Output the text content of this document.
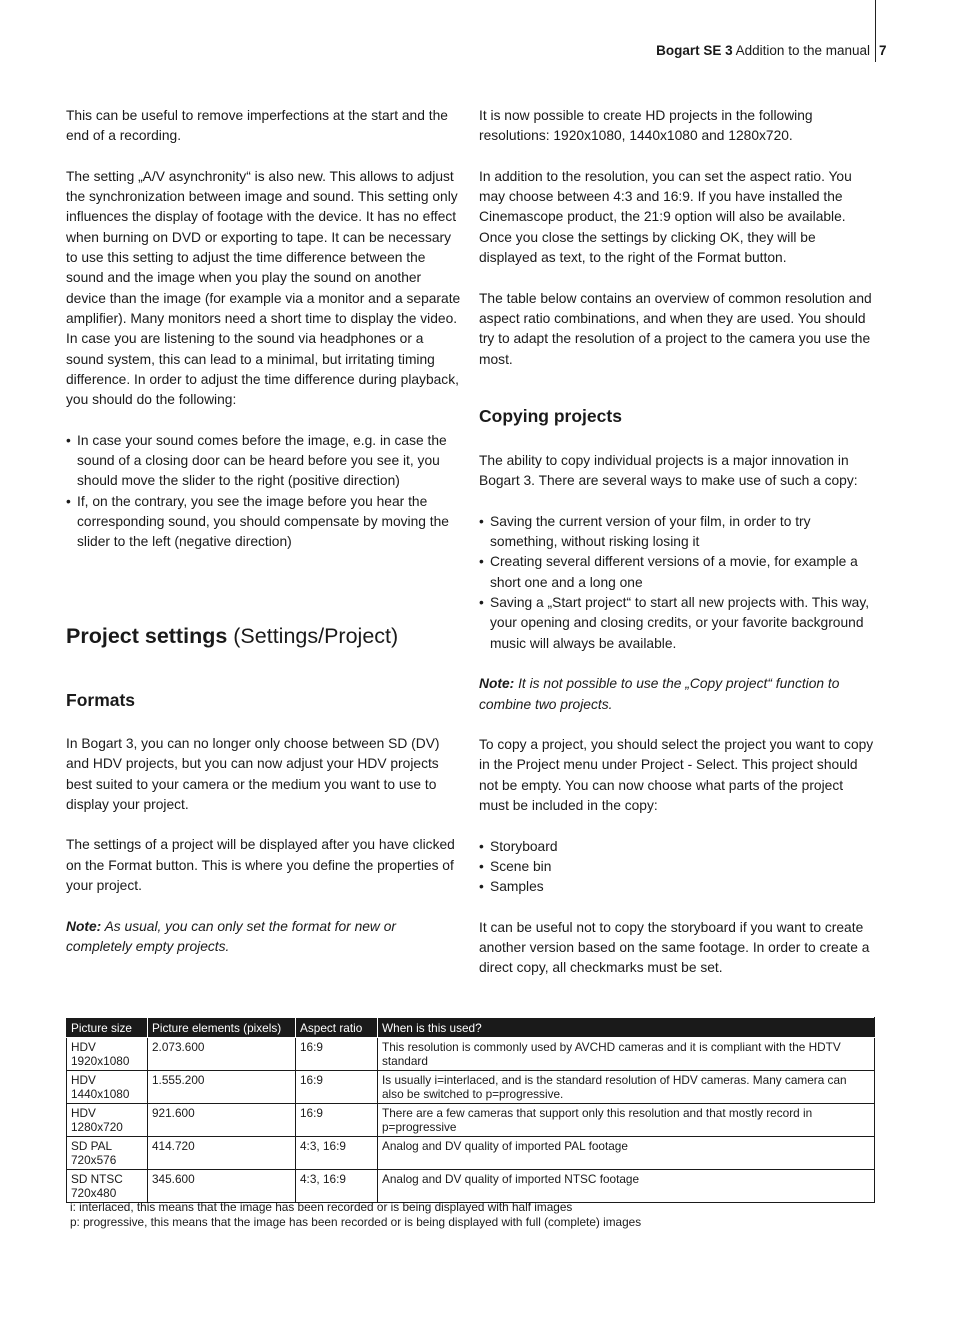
Bogart SE 3 Addition to the manual 7

This can be useful to remove imperfections at the start and the end of a recording.

The setting „A/V asynchronity“ is also new. This allows to adjust the synchronization between image and sound. This setting only influences the display of footage with the device. It has no effect when burning on DVD or exporting to tape. It can be necessary to use this setting to adjust the time difference between the sound and the image when you play the sound on another device than the image (for example via a monitor and a separate amplifier). Many monitors need a short time to display the video. In case you are listening to the sound via headphones or a sound system, this can lead to a minimal, but irritating timing difference. In order to adjust the time difference during playback, you should do the following:

• In case your sound comes before the image, e.g. in case the sound of a closing door can be heard before you see it, you should move the slider to the right (positive direction)
• If, on the contrary, you see the image before you hear the corresponding sound, you should compensate by moving the slider to the left (negative direction)
Project settings (Settings/Project)
Formats

In Bogart 3, you can no longer only choose between SD (DV) and HDV projects, but you can now adjust your HDV projects best suited to your camera or the medium you want to use to display your project.

The settings of a project will be displayed after you have clicked on the Format button. This is where you define the properties of your project.

Note: As usual, you can only set the format for new or completely empty projects.

It is now possible to create HD projects in the following resolutions: 1920x1080, 1440x1080 and 1280x720.

In addition to the resolution, you can set the aspect ratio. You may choose between 4:3 and 16:9. If you have installed the Cinemascope product, the 21:9 option will also be available. Once you close the settings by clicking OK, they will be displayed as text, to the right of the Format button.

The table below contains an overview of common resolution and aspect ratio combinations, and when they are used. You should try to adapt the resolution of a project to the camera you use the most.

Copying projects

The ability to copy individual projects is a major innovation in Bogart 3. There are several ways to make use of such a copy:

• Saving the current version of your film, in order to try something, without risking losing it
• Creating several different versions of a movie, for example a short one and a long one
• Saving a „Start project“ to start all new projects with. This way, your opening and closing credits, or your favorite background music will always be available.

Note: It is not possible to use the „Copy project“ function to combine two projects.

To copy a project, you should select the project you want to copy in the Project menu under Project - Select. This project should not be empty. You can now choose what parts of the project must be included in the copy:

• Storyboard
• Scene bin
• Samples

It can be useful not to copy the storyboard if you want to create another version based on the same footage. In order to create a direct copy, all checkmarks must be set.

Picture size	Picture elements (pixels)	Aspect ratio	When is this used?

HDV
1920x1080	2.073.600	16:9	This resolution is commonly used by AVCHD cameras and it is compliant with the HDTV standard

HDV
1440x1080	1.555.200	16:9	Is usually i=interlaced, and is the standard resolution of HDV cameras. Many camera can also be switched to p=progressive.

HDV
1280x720	921.600	16:9	There are a few cameras that support only this resolution and that mostly record in p=progressive

SD PAL
720x576	414.720	4:3, 16:9	Analog and DV quality of imported PAL footage

SD NTSC
720x480	345.600	4:3, 16:9	Analog and DV quality of imported NTSC footage
i: interlaced, this means that the image has been recorded or is being displayed with half images
p: progressive, this means that the image has been recorded or is being displayed with full (complete) images
